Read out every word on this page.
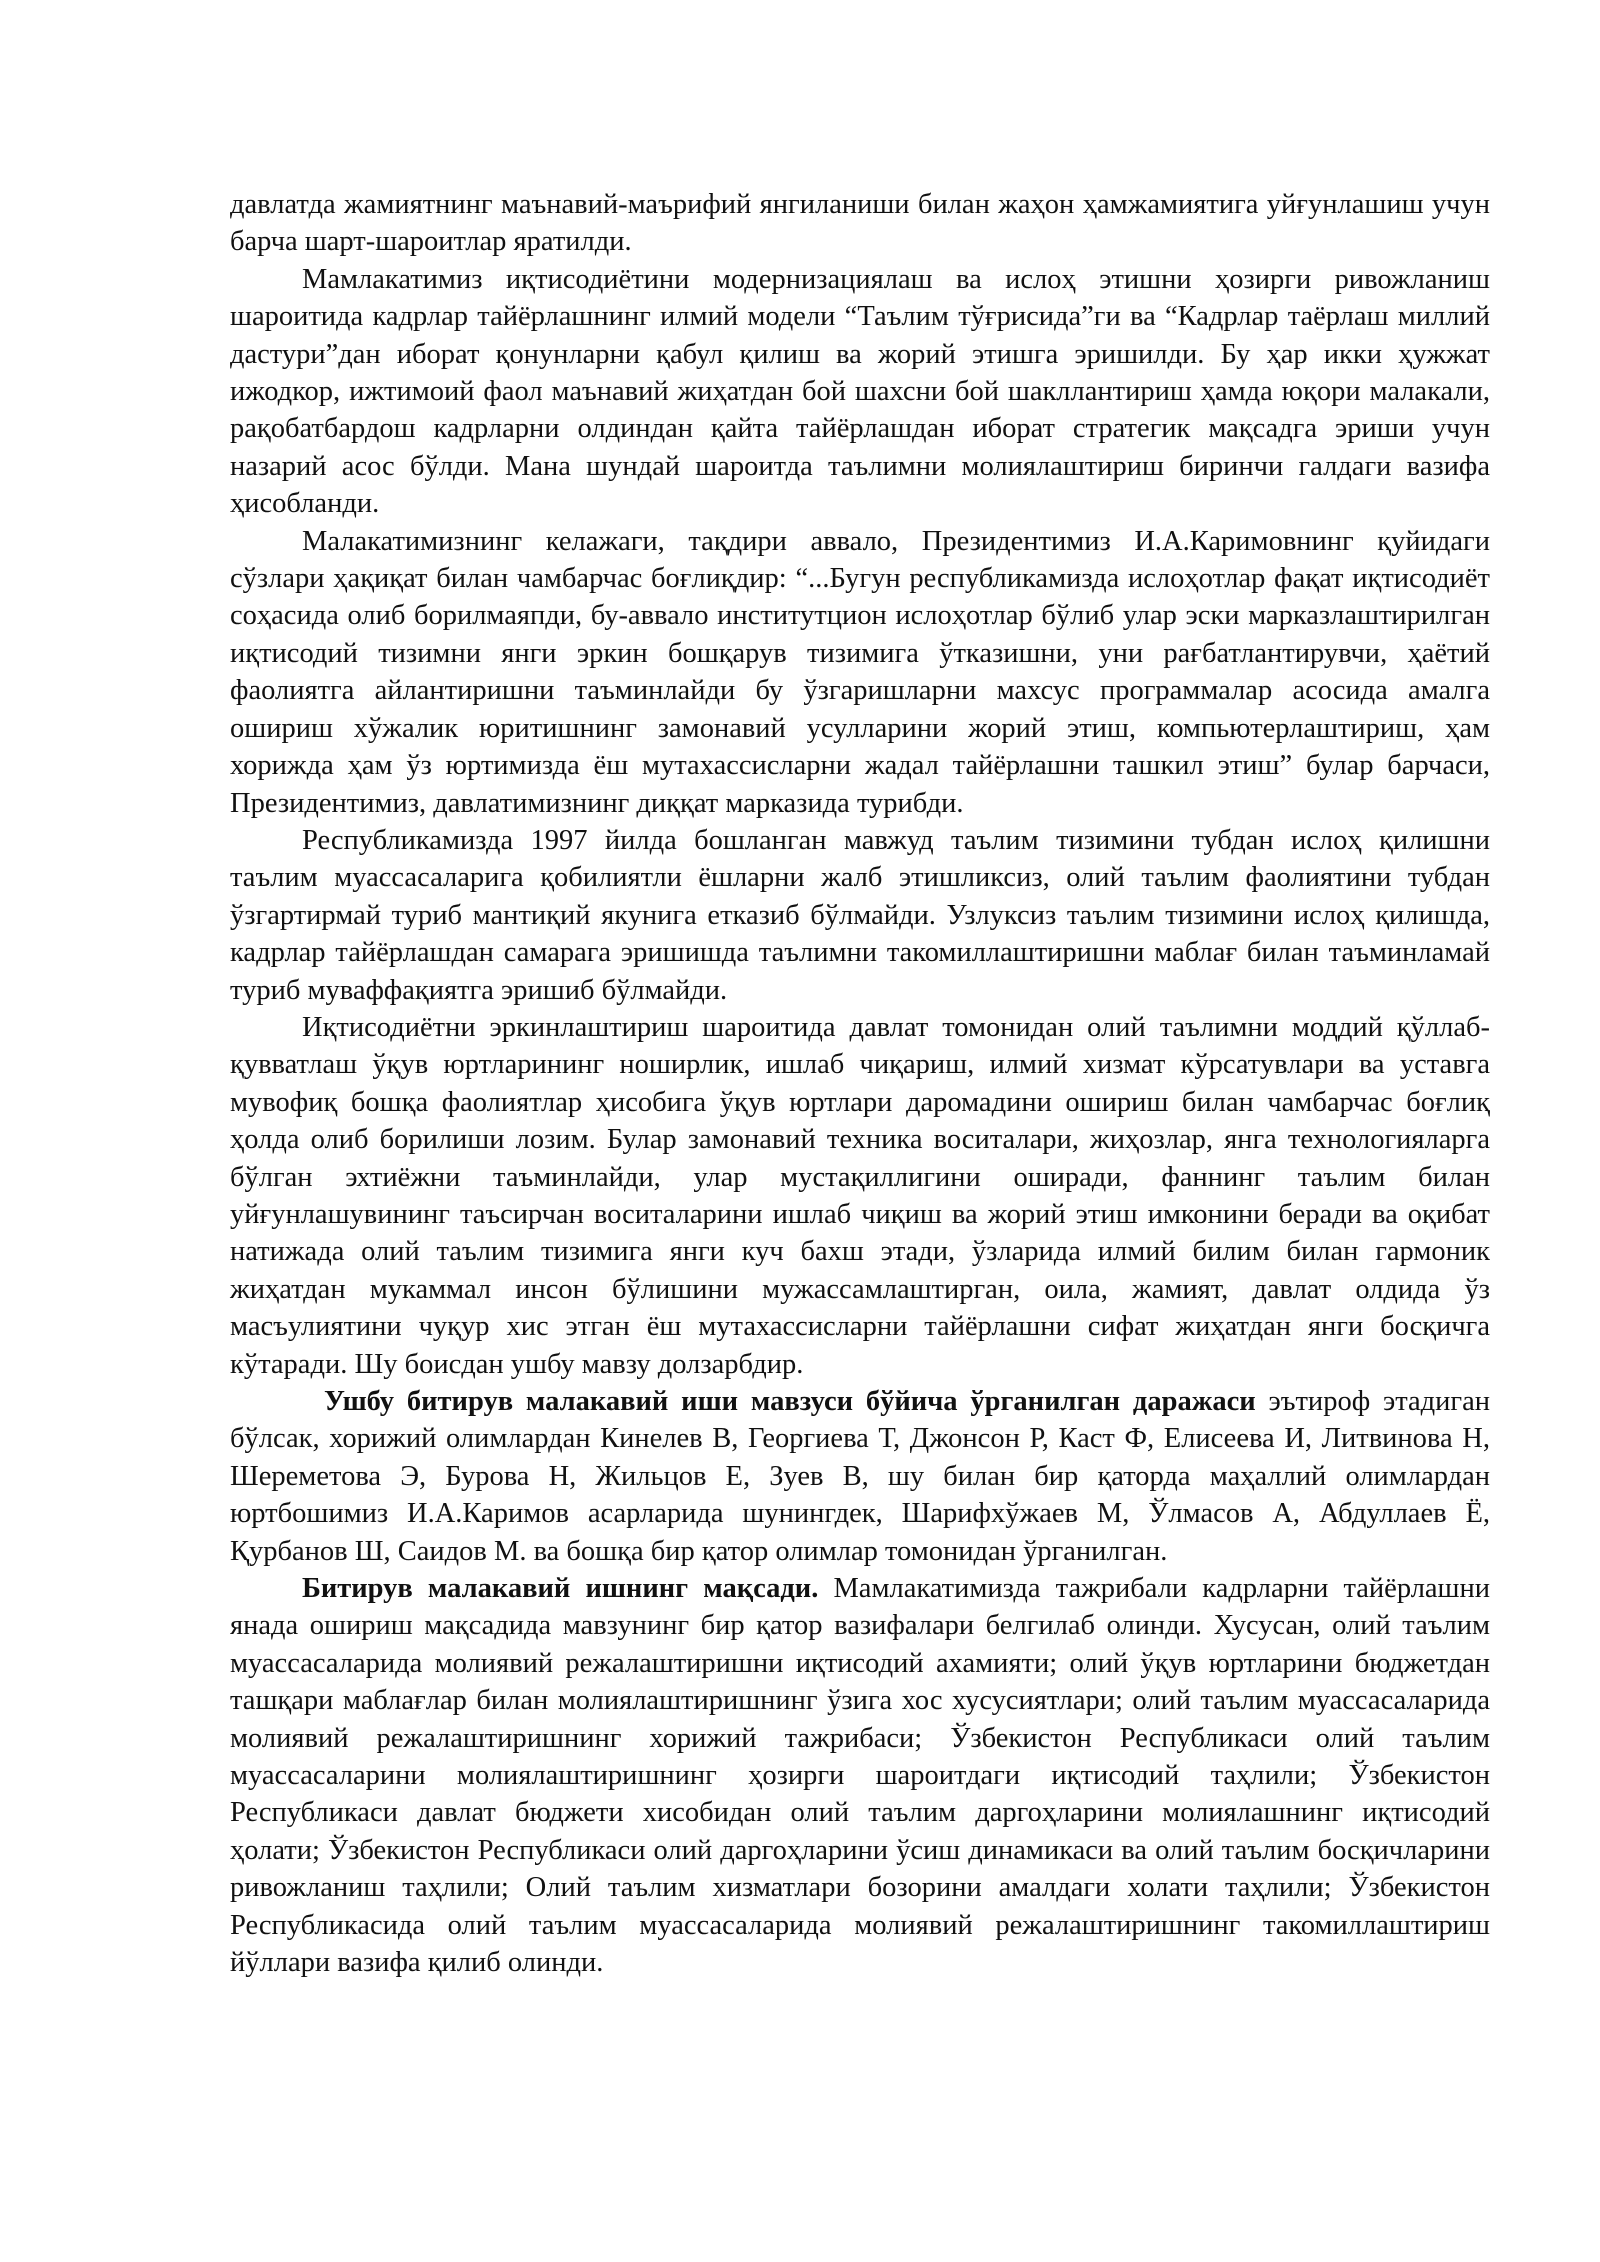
давлатда жамиятнинг маънавий-маърифий янгиланиши билан жаҳон ҳамжамиятига уйғунлашиш учун барча шарт-шароитлар яратилди.

Мамлакатимиз иқтисодиётини модернизациялаш ва ислоҳ этишни ҳозирги ривожланиш шароитида кадрлар тайёрлашнинг илмий модели “Таълим тўғрисида”ги ва “Кадрлар таёрлаш миллий дастури”дан иборат қонунларни қабул қилиш ва жорий этишга эришилди. Бу ҳар икки ҳужжат ижодкор, ижтимоий фаол маънавий жиҳатдан бой шахсни бой шакллантириш ҳамда юқори малакали, рақобатбардош кадрларни олдиндан қайта тайёрлашдан иборат стратегик мақсадга эриши учун назарий асос бўлди. Мана шундай шароитда таълимни молиялаштириш биринчи галдаги вазифа ҳисобланди.

Малакатимизнинг келажаги, тақдири аввало, Президентимиз И.А.Каримовнинг қуйидаги сўзлари ҳақиқат билан чамбарчас боғлиқдир: “...Бугун республикамизда ислоҳотлар фақат иқтисодиёт соҳасида олиб борилмаяпди, бу-аввало институтцион ислоҳотлар бўлиб улар эски марказлаштирилган иқтисодий тизимни янги эркин бошқарув тизимига ўтказишни, уни рағбатлантирувчи, ҳаётий фаолиятга айлантиришни таъминлайди бу ўзгаришларни махсус программалар асосида амалга ошириш хўжалик юритишнинг замонавий усулларини жорий этиш, компьютерлаштириш, ҳам хорижда ҳам ўз юртимизда ёш мутахассисларни жадал тайёрлашни ташкил этиш” булар барчаси, Президентимиз, давлатимизнинг диққат марказида турибди.

Республикамизда 1997 йилда бошланган мавжуд таълим тизимини тубдан ислоҳ қилишни таълим муассасаларига қобилиятли ёшларни жалб этишликсиз, олий таълим фаолиятини тубдан ўзгартирмай туриб мантиқий якунига етказиб бўлмайди. Узлуксиз таълим тизимини ислоҳ қилишда, кадрлар тайёрлашдан самарага эришишда таълимни такомиллаштиришни маблағ билан таъминламай туриб муваффақиятга эришиб бўлмайди.

Иқтисодиётни эркинлаштириш шароитида давлат томонидан олий таълимни моддий қўллаб-қувватлаш ўқув юртларининг ноширлик, ишлаб чиқариш, илмий хизмат кўрсатувлари ва уставга мувофиқ бошқа фаолиятлар ҳисобига ўқув юртлари даромадини ошириш билан чамбарчас боғлиқ ҳолда олиб борилиши лозим. Булар замонавий техника воситалари, жиҳозлар, янга технологияларга бўлган эхтиёжни таъминлайди, улар мустақиллигини оширади, фаннинг таълим билан уйғунлашувининг таъсирчан воситаларини ишлаб чиқиш ва жорий этиш имконини беради ва оқибат натижада олий таълим тизимига янги куч бахш этади, ўзларида илмий билим билан гармоник жиҳатдан мукаммал инсон бўлишини мужассамлаштирган, оила, жамият, давлат олдида ўз масъулиятини чуқур хис этган ёш мутахассисларни тайёрлашни сифат жиҳатдан янги босқичга кўтаради. Шу боисдан ушбу мавзу долзарбдир.

Ушбу битирув малакавий иши мавзуси бўйича ўрганилган даражаси эътироф этадиган бўлсак, хорижий олимлардан Кинелев В, Георгиева Т, Джонсон Р, Каст Ф, Елисеева И, Литвинова Н, Шереметова Э, Бурова Н, Жильцов Е, Зуев В, шу билан бир қаторда маҳаллий олимлардан юртбошимиз И.А.Каримов асарларида шунингдек, Шарифхўжаев М, Ўлмасов А, Абдуллаев Ё, Қурбанов Ш, Саидов М. ва бошқа бир қатор олимлар томонидан ўрганилган.

Битирув малакавий ишнинг мақсади. Мамлакатимизда тажрибали кадрларни тайёрлашни янада ошириш мақсадида мавзунинг бир қатор вазифалари белгилаб олинди. Хусусан, олий таълим муассасаларида молиявий режалаштиришни иқтисодий ахамияти; олий ўқув юртларини бюджетдан ташқари маблағлар билан молиялаштиришнинг ўзига хос хусусиятлари; олий таълим муассасаларида молиявий режалаштиришнинг хорижий тажрибаси; Ўзбекистон Республикаси олий таълим муассасаларини молиялаштиришнинг ҳозирги шароитдаги иқтисодий таҳлили; Ўзбекистон Республикаси давлат бюджети хисобидан олий таълим даргоҳларини молиялашнинг иқтисодий ҳолати; Ўзбекистон Республикаси олий даргоҳларини ўсиш динамикаси ва олий таълим босқичларини ривожланиш таҳлили; Олий таълим хизматлари бозорини амалдаги холати таҳлили; Ўзбекистон Республикасида олий таълим муассасаларида молиявий режалаштиришнинг такомиллаштириш йўллари вазифа қилиб олинди.
